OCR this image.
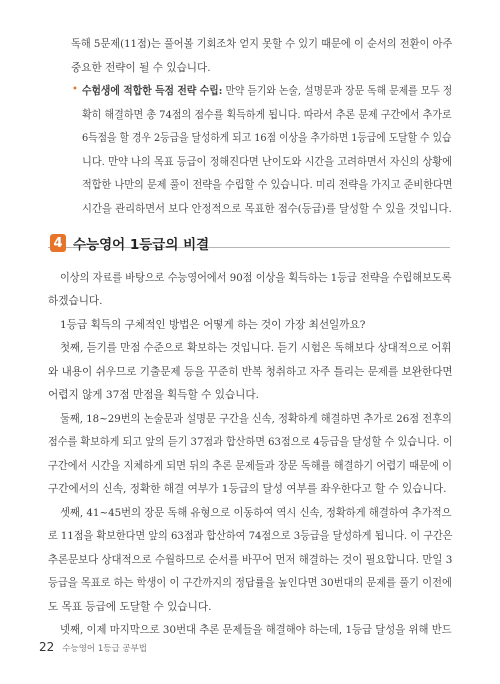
독해 5문제(11점)는 풀어볼 기회조차 얻지 못할 수 있기 때문에 이 순서의 전환이 아주
중요한 전략이 될 수 있습니다.
• 수험생에 적합한 득점 전략 수립: 만약 듣기와 논술, 설명문과 장문 독해 문제를 모두 정
확히 해결하면 총 74점의 점수를 획득하게 됩니다. 따라서 추론 문제 구간에서 추가로
6득점을 할 경우 2등급을 달성하게 되고 16점 이상을 추가하면 1등급에 도달할 수 있습
니다. 만약 나의 목표 등급이 정해진다면 난이도와 시간을 고려하면서 자신의 상황에
적합한 나만의 문제 풀이 전략을 수립할 수 있습니다. 미리 전략을 가지고 준비한다면
시간을 관리하면서 보다 안정적으로 목표한 점수(등급)를 달성할 수 있을 것입니다.
4 수능영어 1등급의 비결
이상의 자료를 바탕으로 수능영어에서 90점 이상을 획득하는 1등급 전략을 수립해보도록
하겠습니다.
1등급 획득의 구체적인 방법은 어떻게 하는 것이 가장 최선일까요?
첫째, 듣기를 만점 수준으로 확보하는 것입니다. 듣기 시험은 독해보다 상대적으로 어휘
와 내용이 쉬우므로 기출문제 등을 꾸준히 반복 청취하고 자주 틀리는 문제를 보완한다면
어렵지 않게 37점 만점을 획득할 수 있습니다.
둘째, 18~29번의 논술문과 설명문 구간을 신속, 정확하게 해결하면 추가로 26점 전후의
점수를 확보하게 되고 앞의 듣기 37점과 합산하면 63점으로 4등급을 달성할 수 있습니다. 이
구간에서 시간을 지체하게 되면 뒤의 추론 문제들과 장문 독해를 해결하기 어렵기 때문에 이
구간에서의 신속, 정확한 해결 여부가 1등급의 달성 여부를 좌우한다고 할 수 있습니다.
셋째, 41~45번의 장문 독해 유형으로 이동하여 역시 신속, 정확하게 해결하여 추가적으
로 11점을 확보한다면 앞의 63점과 합산하여 74점으로 3등급을 달성하게 됩니다. 이 구간은
추론문보다 상대적으로 수월하므로 순서를 바꾸어 먼저 해결하는 것이 필요합니다. 만일 3
등급을 목표로 하는 학생이 이 구간까지의 정답률을 높인다면 30번대의 문제를 풀기 이전에
도 목표 등급에 도달할 수 있습니다.
넷째, 이제 마지막으로 30번대 추론 문제들을 해결해야 하는데, 1등급 달성을 위해 반드
22 수능영어 1등급 공부법
